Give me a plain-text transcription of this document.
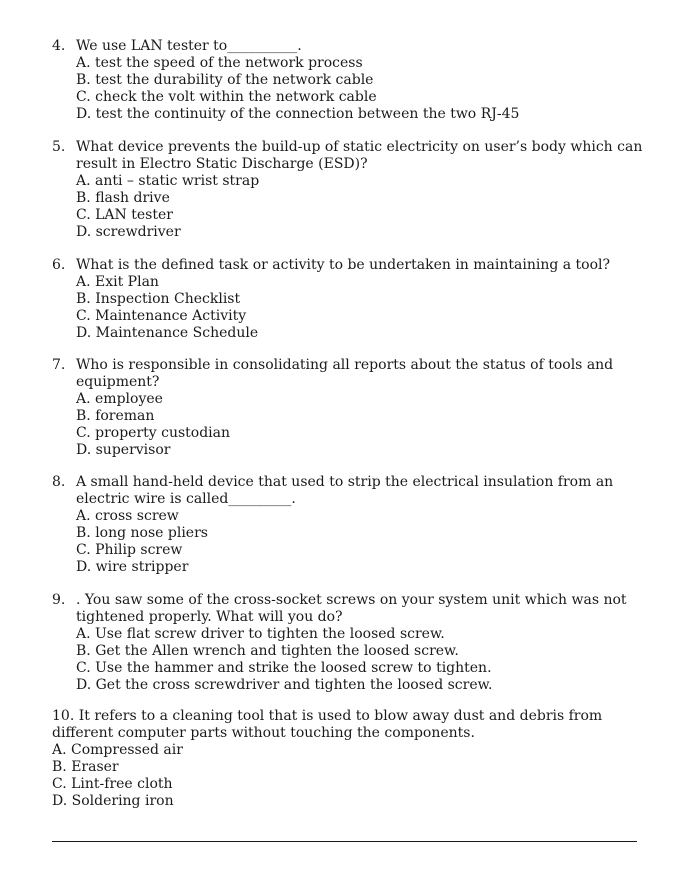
4. We use LAN tester to__________.
A. test the speed of the network process
B. test the durability of the network cable
C. check the volt within the network cable
D. test the continuity of the connection between the two RJ-45
5. What device prevents the build-up of static electricity on user’s body which can
result in Electro Static Discharge (ESD)?
A. anti – static wrist strap
B. flash drive
C. LAN tester
D. screwdriver
6. What is the defined task or activity to be undertaken in maintaining a tool?
A. Exit Plan
B. Inspection Checklist
C. Maintenance Activity
D. Maintenance Schedule
7. Who is responsible in consolidating all reports about the status of tools and
equipment?
A. employee
B. foreman
C. property custodian
D. supervisor
8. A small hand-held device that used to strip the electrical insulation from an
electric wire is called_________.
A. cross screw
B. long nose pliers
C. Philip screw
D. wire stripper
9. . You saw some of the cross-socket screws on your system unit which was not
tightened properly. What will you do?
A. Use flat screw driver to tighten the loosed screw.
B. Get the Allen wrench and tighten the loosed screw.
C. Use the hammer and strike the loosed screw to tighten.
D. Get the cross screwdriver and tighten the loosed screw.
10. It refers to a cleaning tool that is used to blow away dust and debris from
different computer parts without touching the components.
A. Compressed air
B. Eraser
C. Lint-free cloth
D. Soldering iron
